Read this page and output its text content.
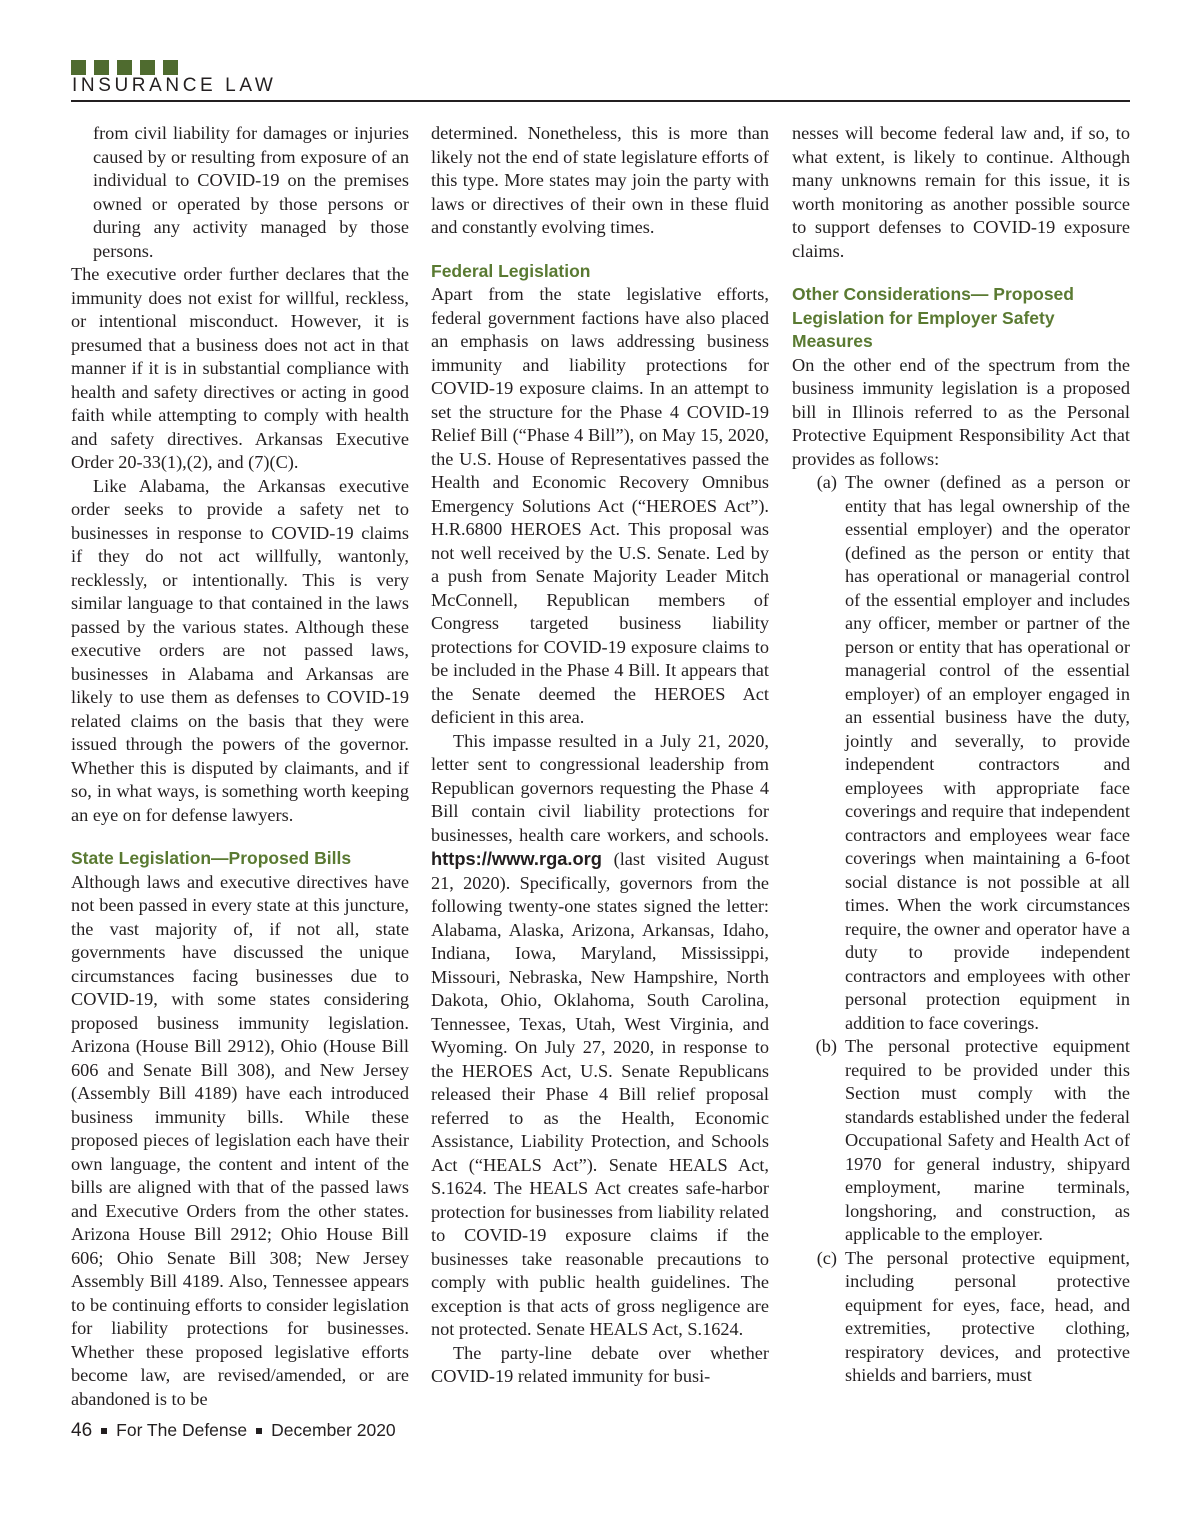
INSURANCE LAW

from civil liability for damages or injuries caused by or resulting from exposure of an individual to COVID-19 on the premises owned or operated by those persons or during any activity managed by those persons.

The executive order further declares that the immunity does not exist for willful, reckless, or intentional misconduct. However, it is presumed that a business does not act in that manner if it is in substantial compliance with health and safety directives or acting in good faith while attempting to comply with health and safety directives. Arkansas Executive Order 20-33(1),(2), and (7)(C).

Like Alabama, the Arkansas executive order seeks to provide a safety net to businesses in response to COVID-19 claims if they do not act willfully, wantonly, recklessly, or intentionally. This is very similar language to that contained in the laws passed by the various states. Although these executive orders are not passed laws, businesses in Alabama and Arkansas are likely to use them as defenses to COVID-19 related claims on the basis that they were issued through the powers of the governor. Whether this is disputed by claimants, and if so, in what ways, is something worth keeping an eye on for defense lawyers.

State Legislation—Proposed Bills

Although laws and executive directives have not been passed in every state at this juncture, the vast majority of, if not all, state governments have discussed the unique circumstances facing businesses due to COVID-19, with some states considering proposed business immunity legislation. Arizona (House Bill 2912), Ohio (House Bill 606 and Senate Bill 308), and New Jersey (Assembly Bill 4189) have each introduced business immunity bills. While these proposed pieces of legislation each have their own language, the content and intent of the bills are aligned with that of the passed laws and Executive Orders from the other states. Arizona House Bill 2912; Ohio House Bill 606; Ohio Senate Bill 308; New Jersey Assembly Bill 4189. Also, Tennessee appears to be continuing efforts to consider legislation for liability protections for businesses. Whether these proposed legislative efforts become law, are revised/amended, or are abandoned is to be

determined. Nonetheless, this is more than likely not the end of state legislature efforts of this type. More states may join the party with laws or directives of their own in these fluid and constantly evolving times.

Federal Legislation

Apart from the state legislative efforts, federal government factions have also placed an emphasis on laws addressing business immunity and liability protections for COVID-19 exposure claims. In an attempt to set the structure for the Phase 4 COVID-19 Relief Bill (“Phase 4 Bill”), on May 15, 2020, the U.S. House of Representatives passed the Health and Economic Recovery Omnibus Emergency Solutions Act (“HEROES Act”). H.R.6800 HEROES Act. This proposal was not well received by the U.S. Senate. Led by a push from Senate Majority Leader Mitch McConnell, Republican members of Congress targeted business liability protections for COVID-19 exposure claims to be included in the Phase 4 Bill. It appears that the Senate deemed the HEROES Act deficient in this area.

This impasse resulted in a July 21, 2020, letter sent to congressional leadership from Republican governors requesting the Phase 4 Bill contain civil liability protections for businesses, health care workers, and schools. https://www.rga.org (last visited August 21, 2020). Specifically, governors from the following twenty-one states signed the letter: Alabama, Alaska, Arizona, Arkansas, Idaho, Indiana, Iowa, Maryland, Mississippi, Missouri, Nebraska, New Hampshire, North Dakota, Ohio, Oklahoma, South Carolina, Tennessee, Texas, Utah, West Virginia, and Wyoming. On July 27, 2020, in response to the HEROES Act, U.S. Senate Republicans released their Phase 4 Bill relief proposal referred to as the Health, Economic Assistance, Liability Protection, and Schools Act (“HEALS Act”). Senate HEALS Act, S.1624. The HEALS Act creates safe-harbor protection for businesses from liability related to COVID-19 exposure claims if the businesses take reasonable precautions to comply with public health guidelines. The exception is that acts of gross negligence are not protected. Senate HEALS Act, S.1624.

The party-line debate over whether COVID-19 related immunity for busi-

nesses will become federal law and, if so, to what extent, is likely to continue. Although many unknowns remain for this issue, it is worth monitoring as another possible source to support defenses to COVID-19 exposure claims.

Other Considerations— Proposed Legislation for Employer Safety Measures

On the other end of the spectrum from the business immunity legislation is a proposed bill in Illinois referred to as the Personal Protective Equipment Responsibility Act that provides as follows:

(a) The owner (defined as a person or entity that has legal ownership of the essential employer) and the operator (defined as the person or entity that has operational or managerial control of the essential employer and includes any officer, member or partner of the person or entity that has operational or managerial control of the essential employer) of an employer engaged in an essential business have the duty, jointly and severally, to provide independent contractors and employees with appropriate face coverings and require that independent contractors and employees wear face coverings when maintaining a 6-foot social distance is not possible at all times. When the work circumstances require, the owner and operator have a duty to provide independent contractors and employees with other personal protection equipment in addition to face coverings.
(b) The personal protective equipment required to be provided under this Section must comply with the standards established under the federal Occupational Safety and Health Act of 1970 for general industry, shipyard employment, marine terminals, longshoring, and construction, as applicable to the employer.
(c) The personal protective equipment, including personal protective equipment for eyes, face, head, and extremities, protective clothing, respiratory devices, and protective shields and barriers, must
46 For The Defense December 2020
